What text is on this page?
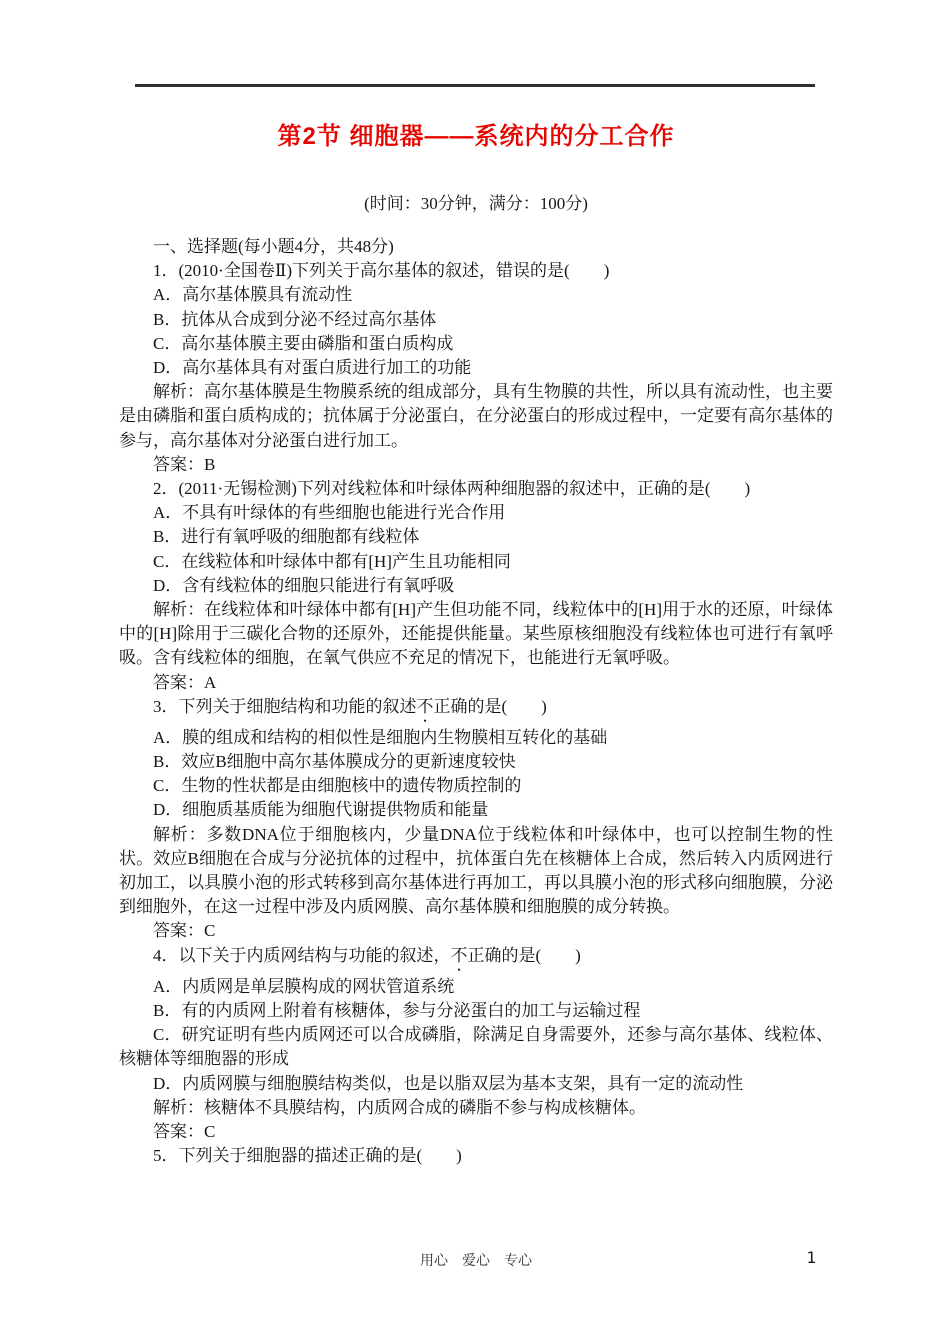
第2节 细胞器——系统内的分工合作
(时间：30分钟，满分：100分)

一、选择题(每小题4分，共48分)

1．(2010·全国卷Ⅱ)下列关于高尔基体的叙述，错误的是(　　)

A．高尔基体膜具有流动性

B．抗体从合成到分泌不经过高尔基体

C．高尔基体膜主要由磷脂和蛋白质构成

D．高尔基体具有对蛋白质进行加工的功能

解析：高尔基体膜是生物膜系统的组成部分，具有生物膜的共性，所以具有流动性，也主要是由磷脂和蛋白质构成的；抗体属于分泌蛋白，在分泌蛋白的形成过程中，一定要有高尔基体的参与，高尔基体对分泌蛋白进行加工。

答案：B

2．(2011·无锡检测)下列对线粒体和叶绿体两种细胞器的叙述中，正确的是(　　)

A．不具有叶绿体的有些细胞也能进行光合作用

B．进行有氧呼吸的细胞都有线粒体

C．在线粒体和叶绿体中都有[H]产生且功能相同

D．含有线粒体的细胞只能进行有氧呼吸

解析：在线粒体和叶绿体中都有[H]产生但功能不同，线粒体中的[H]用于水的还原，叶绿体中的[H]除用于三碳化合物的还原外，还能提供能量。某些原核细胞没有线粒体也可进行有氧呼吸。含有线粒体的细胞，在氧气供应不充足的情况下，也能进行无氧呼吸。

答案：A

3．下列关于细胞结构和功能的叙述不正确的是(　　)

A．膜的组成和结构的相似性是细胞内生物膜相互转化的基础

B．效应B细胞中高尔基体膜成分的更新速度较快

C．生物的性状都是由细胞核中的遗传物质控制的

D．细胞质基质能为细胞代谢提供物质和能量

解析：多数DNA位于细胞核内，少量DNA位于线粒体和叶绿体中，也可以控制生物的性状。效应B细胞在合成与分泌抗体的过程中，抗体蛋白先在核糖体上合成，然后转入内质网进行初加工，以具膜小泡的形式转移到高尔基体进行再加工，再以具膜小泡的形式移向细胞膜，分泌到细胞外，在这一过程中涉及内质网膜、高尔基体膜和细胞膜的成分转换。

答案：C

4．以下关于内质网结构与功能的叙述，不正确的是(　　)

A．内质网是单层膜构成的网状管道系统

B．有的内质网上附着有核糖体，参与分泌蛋白的加工与运输过程

C．研究证明有些内质网还可以合成磷脂，除满足自身需要外，还参与高尔基体、线粒体、核糖体等细胞器的形成

D．内质网膜与细胞膜结构类似，也是以脂双层为基本支架，具有一定的流动性

解析：核糖体不具膜结构，内质网合成的磷脂不参与构成核糖体。

答案：C

5．下列关于细胞器的描述正确的是(　　)

用心　爱心　专心	1
